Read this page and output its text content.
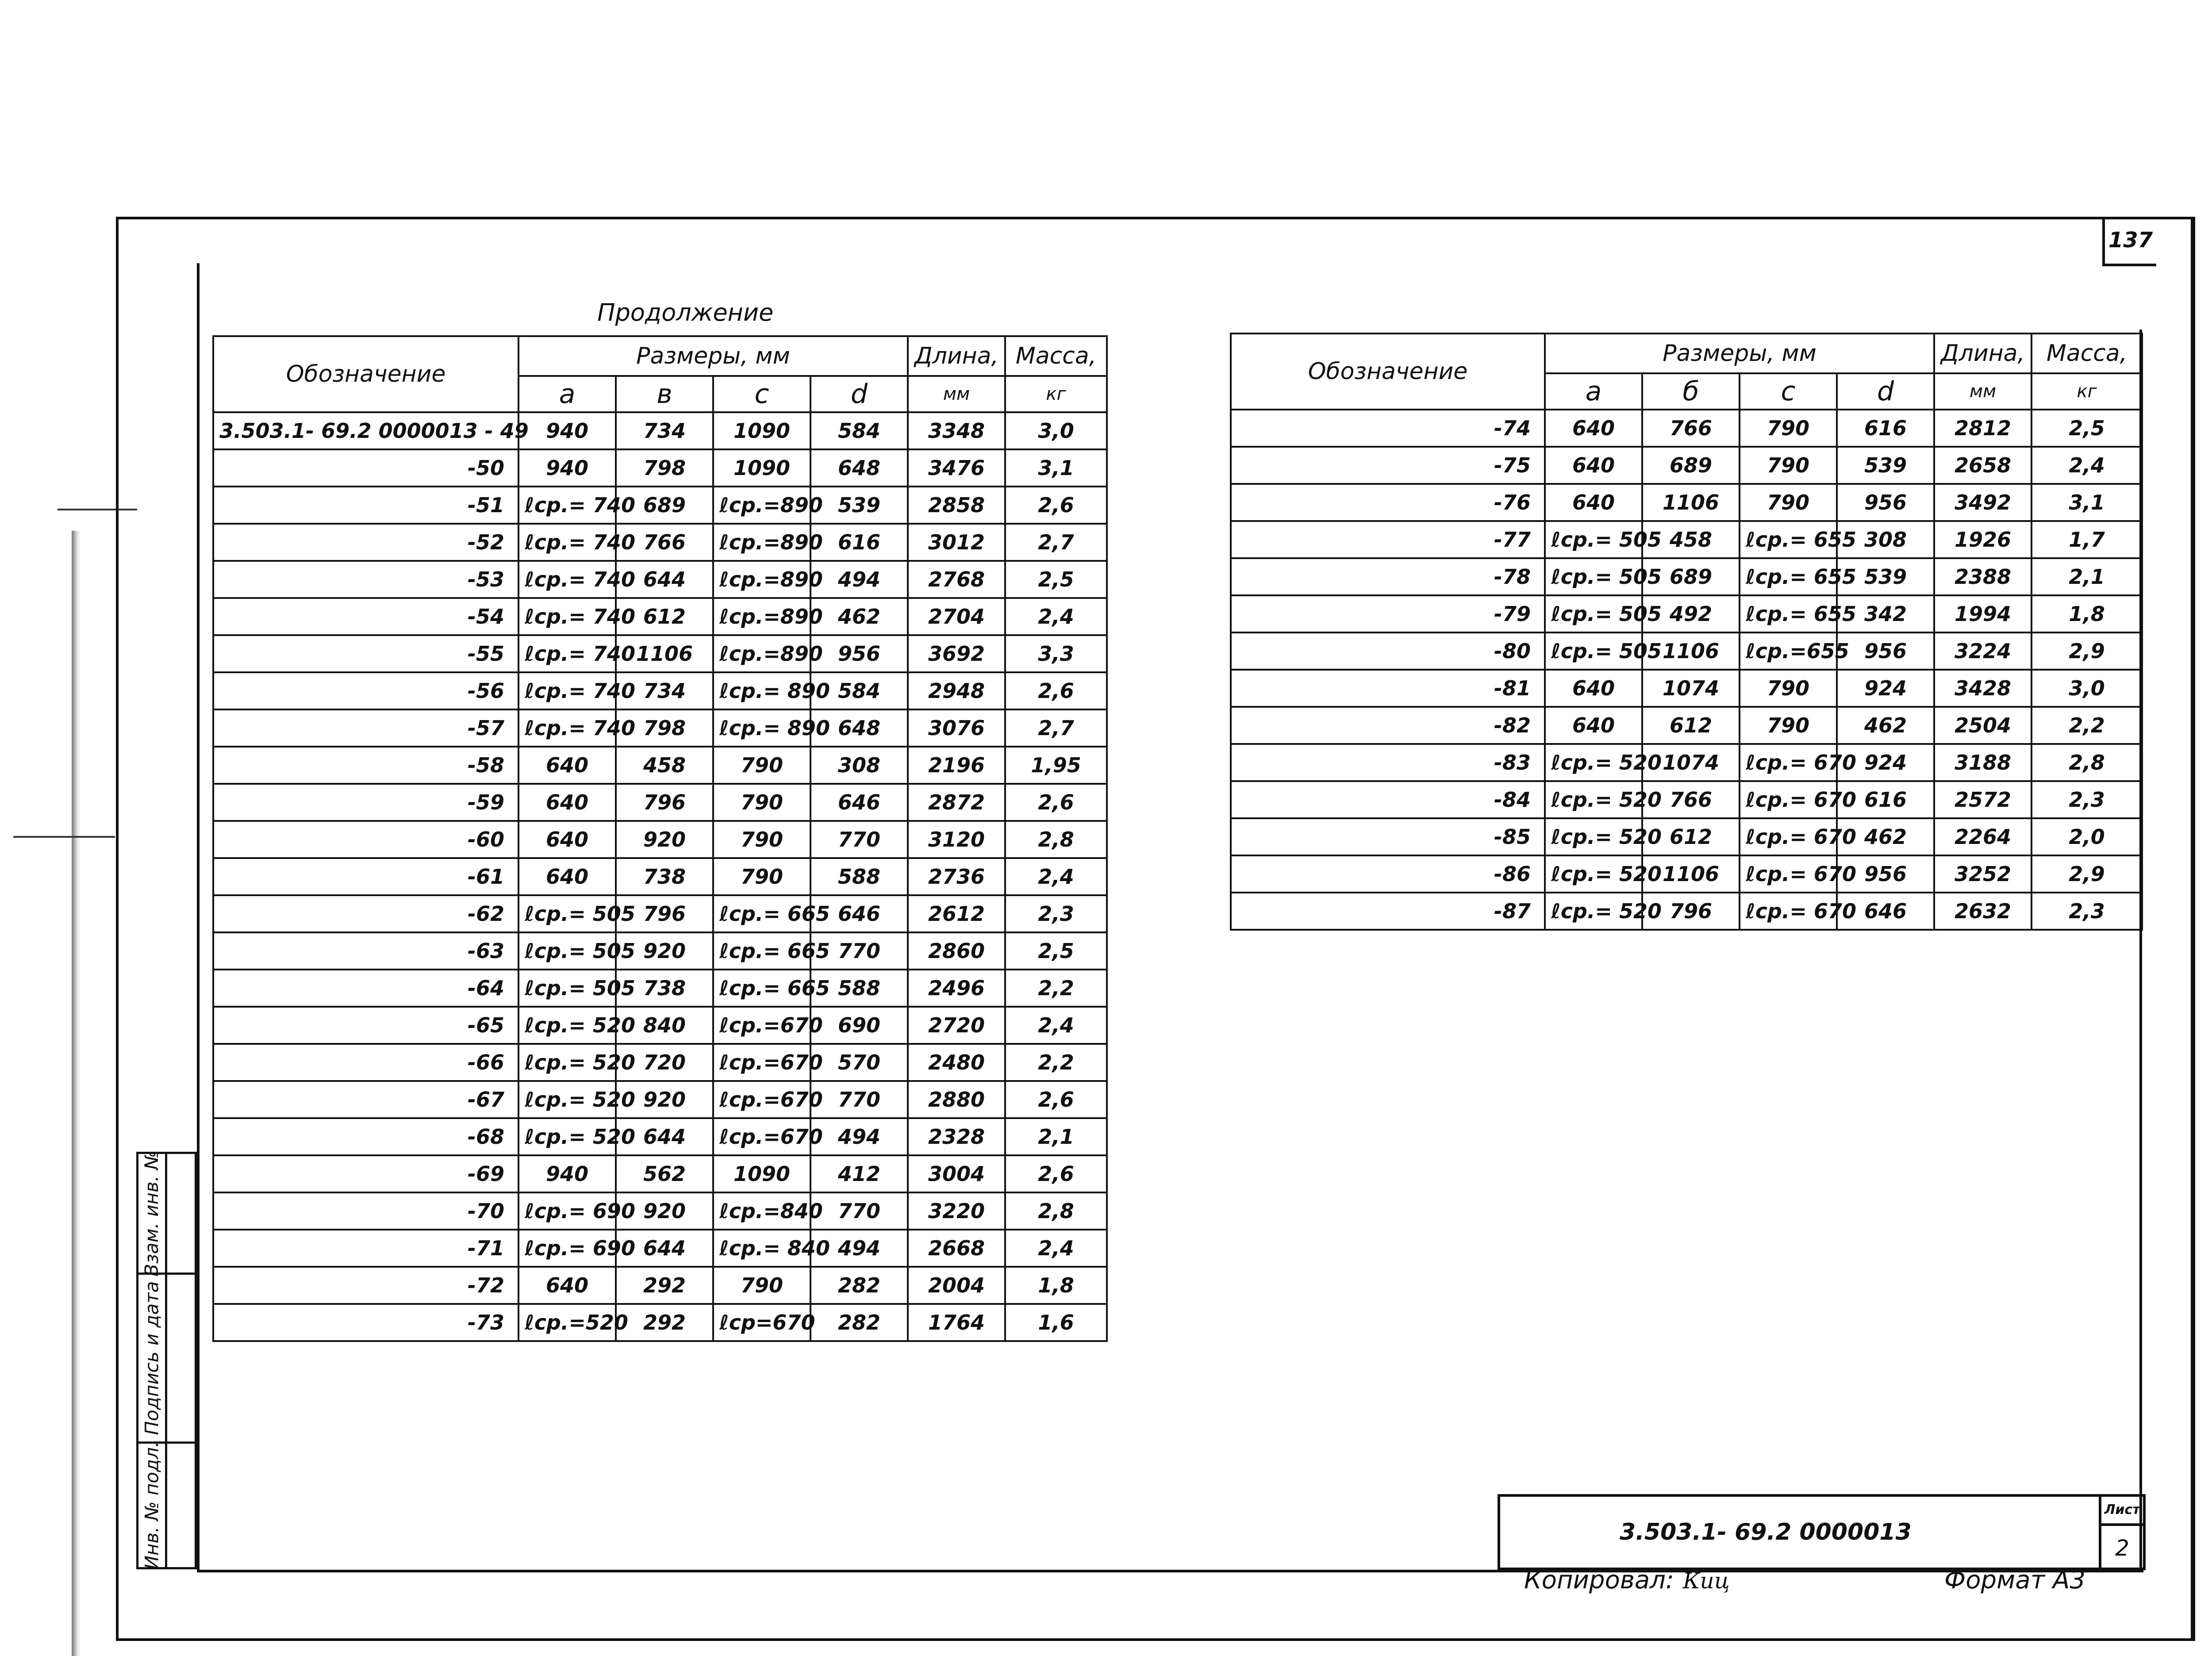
137
Продолжение
Обозначение	Размеры, мм				Длина,	Масса,
	a	в	c	d	мм	кг
3.503.1- 69.2 0000013 - 49	940	734	1090	584	3348	3,0
-50	940	798	1090	648	3476	3,1
-51	ℓср.= 740	689	ℓср.=890	539	2858	2,6
-52	ℓср.= 740	766	ℓср.=890	616	3012	2,7
-53	ℓср.= 740	644	ℓср.=890	494	2768	2,5
-54	ℓср.= 740	612	ℓср.=890	462	2704	2,4
-55	ℓср.= 740	1106	ℓср.=890	956	3692	3,3
-56	ℓср.= 740	734	ℓср.= 890	584	2948	2,6
-57	ℓср.= 740	798	ℓср.= 890	648	3076	2,7
-58	640	458	790	308	2196	1,95
-59	640	796	790	646	2872	2,6
-60	640	920	790	770	3120	2,8
-61	640	738	790	588	2736	2,4
-62	ℓср.= 505	796	ℓср.= 665	646	2612	2,3
-63	ℓср.= 505	920	ℓср.= 665	770	2860	2,5
-64	ℓср.= 505	738	ℓср.= 665	588	2496	2,2
-65	ℓср.= 520	840	ℓср.=670	690	2720	2,4
-66	ℓср.= 520	720	ℓср.=670	570	2480	2,2
-67	ℓср.= 520	920	ℓср.=670	770	2880	2,6
-68	ℓср.= 520	644	ℓср.=670	494	2328	2,1
-69	940	562	1090	412	3004	2,6
-70	ℓср.= 690	920	ℓср.=840	770	3220	2,8
-71	ℓср.= 690	644	ℓср.= 840	494	2668	2,4
-72	640	292	790	282	2004	1,8
-73	ℓср.=520	292	ℓср=670	282	1764	1,6
Обозначение	Размеры, мм				Длина,	Масса,
	a	б	c	d	мм	кг
-74	640	766	790	616	2812	2,5
-75	640	689	790	539	2658	2,4
-76	640	1106	790	956	3492	3,1
-77	ℓср.= 505	458	ℓср.= 655	308	1926	1,7
-78	ℓср.= 505	689	ℓср.= 655	539	2388	2,1
-79	ℓср.= 505	492	ℓср.= 655	342	1994	1,8
-80	ℓср.= 505	1106	ℓср.=655	956	3224	2,9
-81	640	1074	790	924	3428	3,0
-82	640	612	790	462	2504	2,2
-83	ℓср.= 520	1074	ℓср.= 670	924	3188	2,8
-84	ℓср.= 520	766	ℓср.= 670	616	2572	2,3
-85	ℓср.= 520	612	ℓср.= 670	462	2264	2,0
-86	ℓср.= 520	1106	ℓср.= 670	956	3252	2,9
-87	ℓср.= 520	796	ℓср.= 670	646	2632	2,3
Взам. инв. №
Подпись и дата
Инв. № подл.	3.503.1- 69.2 0000013
Лист
2
Копировал: Киц	Формат А3
